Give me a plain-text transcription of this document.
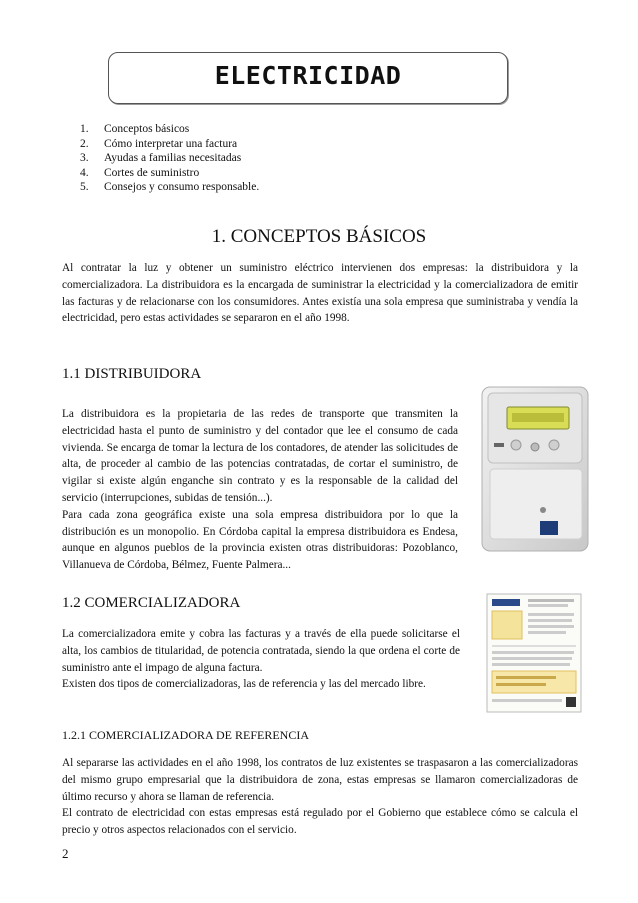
ELECTRICIDAD
1. Conceptos básicos
2. Cómo interpretar una factura
3. Ayudas a familias necesitadas
4. Cortes de suministro
5. Consejos y consumo responsable.
1. CONCEPTOS BÁSICOS

Al contratar la luz y obtener un suministro eléctrico intervienen dos empresas: la distribuidora y la comercializadora. La distribuidora es la encargada de suministrar la electricidad y la comercializadora de emitir las facturas y de relacionarse con los consumidores. Antes existía una sola empresa que suministraba y vendía la electricidad, pero estas actividades se separaron en el año 1998.

1.1 DISTRIBUIDORA

La distribuidora es la propietaria de las redes de transporte que transmiten la electricidad hasta el punto de suministro y del contador que lee el consumo de cada vivienda. Se encarga de tomar la lectura de los contadores, de atender las solicitudes de alta, de proceder al cambio de las potencias contratadas, de cortar el suministro, de vigilar si existe algún enganche sin contrato y es la responsable de la calidad del servicio (interrupciones, subidas de tensión...).

Para cada zona geográfica existe una sola empresa distribuidora por lo que la distribución es un monopolio. En Córdoba capital la empresa distribuidora es Endesa, aunque en algunos pueblos de la provincia existen otras distribuidoras: Pozoblanco, Villanueva de Córdoba, Bélmez, Fuente Palmera...

1.2 COMERCIALIZADORA

La comercializadora emite y cobra las facturas y a través de ella puede solicitarse el alta, los cambios de titularidad, de potencia contratada, siendo la que ordena el corte de suministro ante el impago de alguna factura.

Existen dos tipos de comercializadoras, las de referencia y las del mercado libre.

1.2.1 COMERCIALIZADORA DE REFERENCIA

Al separarse las actividades en el año 1998, los contratos de luz existentes se traspasaron a las comercializadoras del mismo grupo empresarial que la distribuidora de zona, estas empresas se llamaron comercializadoras de último recurso y ahora se llaman de referencia.

El contrato de electricidad con estas empresas está regulado por el Gobierno que establece cómo se calcula el precio y otros aspectos relacionados con el servicio.

2
